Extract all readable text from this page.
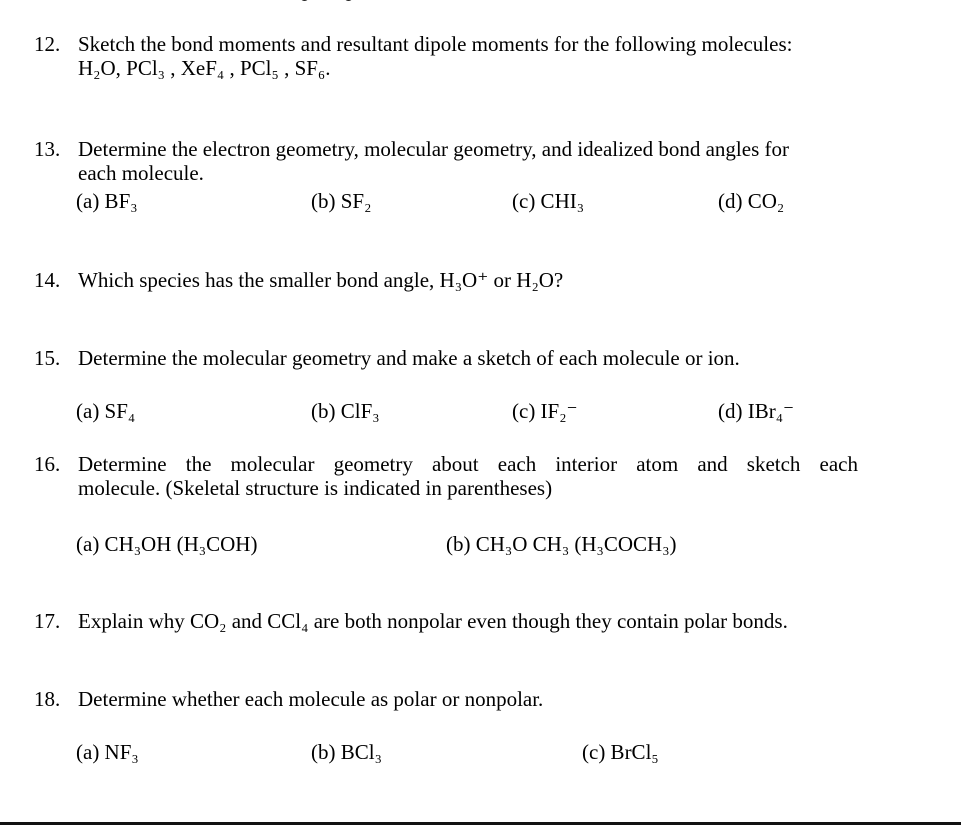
12. Sketch the bond moments and resultant dipole moments for the following molecules:
H₂O, PCl₃ , XeF₄ , PCl₅ , SF₆.
13. Determine the electron geometry, molecular geometry, and idealized bond angles for
each molecule.
(a) BF₃	(b) SF₂	(c) CHI₃	(d) CO₂
14. Which species has the smaller bond angle, H₃O⁺ or H₂O?
15. Determine the molecular geometry and make a sketch of each molecule or ion.
(a) SF₄	(b) ClF₃	(c) IF₂⁻	(d) IBr₄⁻
16. Determine the molecular geometry about each interior atom and sketch each
molecule. (Skeletal structure is indicated in parentheses)
(a) CH₃OH (H₃COH)	(b) CH₃O CH₃ (H₃COCH₃)
17. Explain why CO₂ and CCl₄ are both nonpolar even though they contain polar bonds.
18. Determine whether each molecule as polar or nonpolar.
(a) NF₃	(b) BCl₃	(c) BrCl₅
